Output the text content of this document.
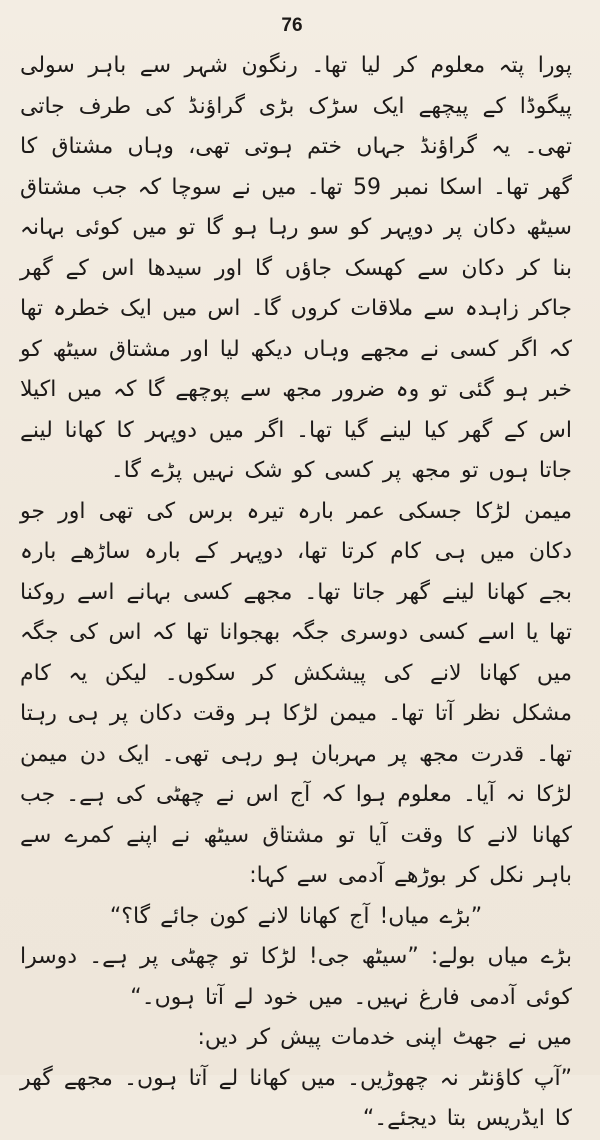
76

پورا پتہ معلوم کر لیا تھا۔ رنگون شہر سے باہر سولی پیگوڈا کے پیچھے ایک سڑک بڑی گراؤنڈ کی طرف جاتی تھی۔ یہ گراؤنڈ جہاں ختم ہوتی تھی، وہاں مشتاق کا گھر تھا۔ اسکا نمبر 59 تھا۔ میں نے سوچا کہ جب مشتاق سیٹھ دکان پر دوپہر کو سو رہا ہو گا تو میں کوئی بہانہ بنا کر دکان سے کھسک جاؤں گا اور سیدھا اس کے گھر جاکر زاہدہ سے ملاقات کروں گا۔ اس میں ایک خطرہ تھا کہ اگر کسی نے مجھے وہاں دیکھ لیا اور مشتاق سیٹھ کو خبر ہو گئی تو وہ ضرور مجھ سے پوچھے گا کہ میں اکیلا اس کے گھر کیا لینے گیا تھا۔ اگر میں دوپہر کا کھانا لینے جاتا ہوں تو مجھ پر کسی کو شک نہیں پڑے گا۔

میمن لڑکا جسکی عمر بارہ تیرہ برس کی تھی اور جو دکان میں ہی کام کرتا تھا، دوپہر کے بارہ ساڑھے بارہ بجے کھانا لینے گھر جاتا تھا۔ مجھے کسی بہانے اسے روکنا تھا یا اسے کسی دوسری جگہ بھجوانا تھا کہ اس کی جگہ میں کھانا لانے کی پیشکش کر سکوں۔ لیکن یہ کام مشکل نظر آتا تھا۔ میمن لڑکا ہر وقت دکان پر ہی رہتا تھا۔ قدرت مجھ پر مہربان ہو رہی تھی۔ ایک دن میمن لڑکا نہ آیا۔ معلوم ہوا کہ آج اس نے چھٹی کی ہے۔ جب کھانا لانے کا وقت آیا تو مشتاق سیٹھ نے اپنے کمرے سے باہر نکل کر بوڑھے آدمی سے کہا:

”بڑے میاں! آج کھانا لانے کون جائے گا؟“

بڑے میاں بولے: ”سیٹھ جی! لڑکا تو چھٹی پر ہے۔ دوسرا کوئی آدمی فارغ نہیں۔ میں خود لے آتا ہوں۔“

میں نے جھٹ اپنی خدمات پیش کر دیں:

”آپ کاؤنٹر نہ چھوڑیں۔ میں کھانا لے آتا ہوں۔ مجھے گھر کا ایڈریس بتا دیجئے۔“
